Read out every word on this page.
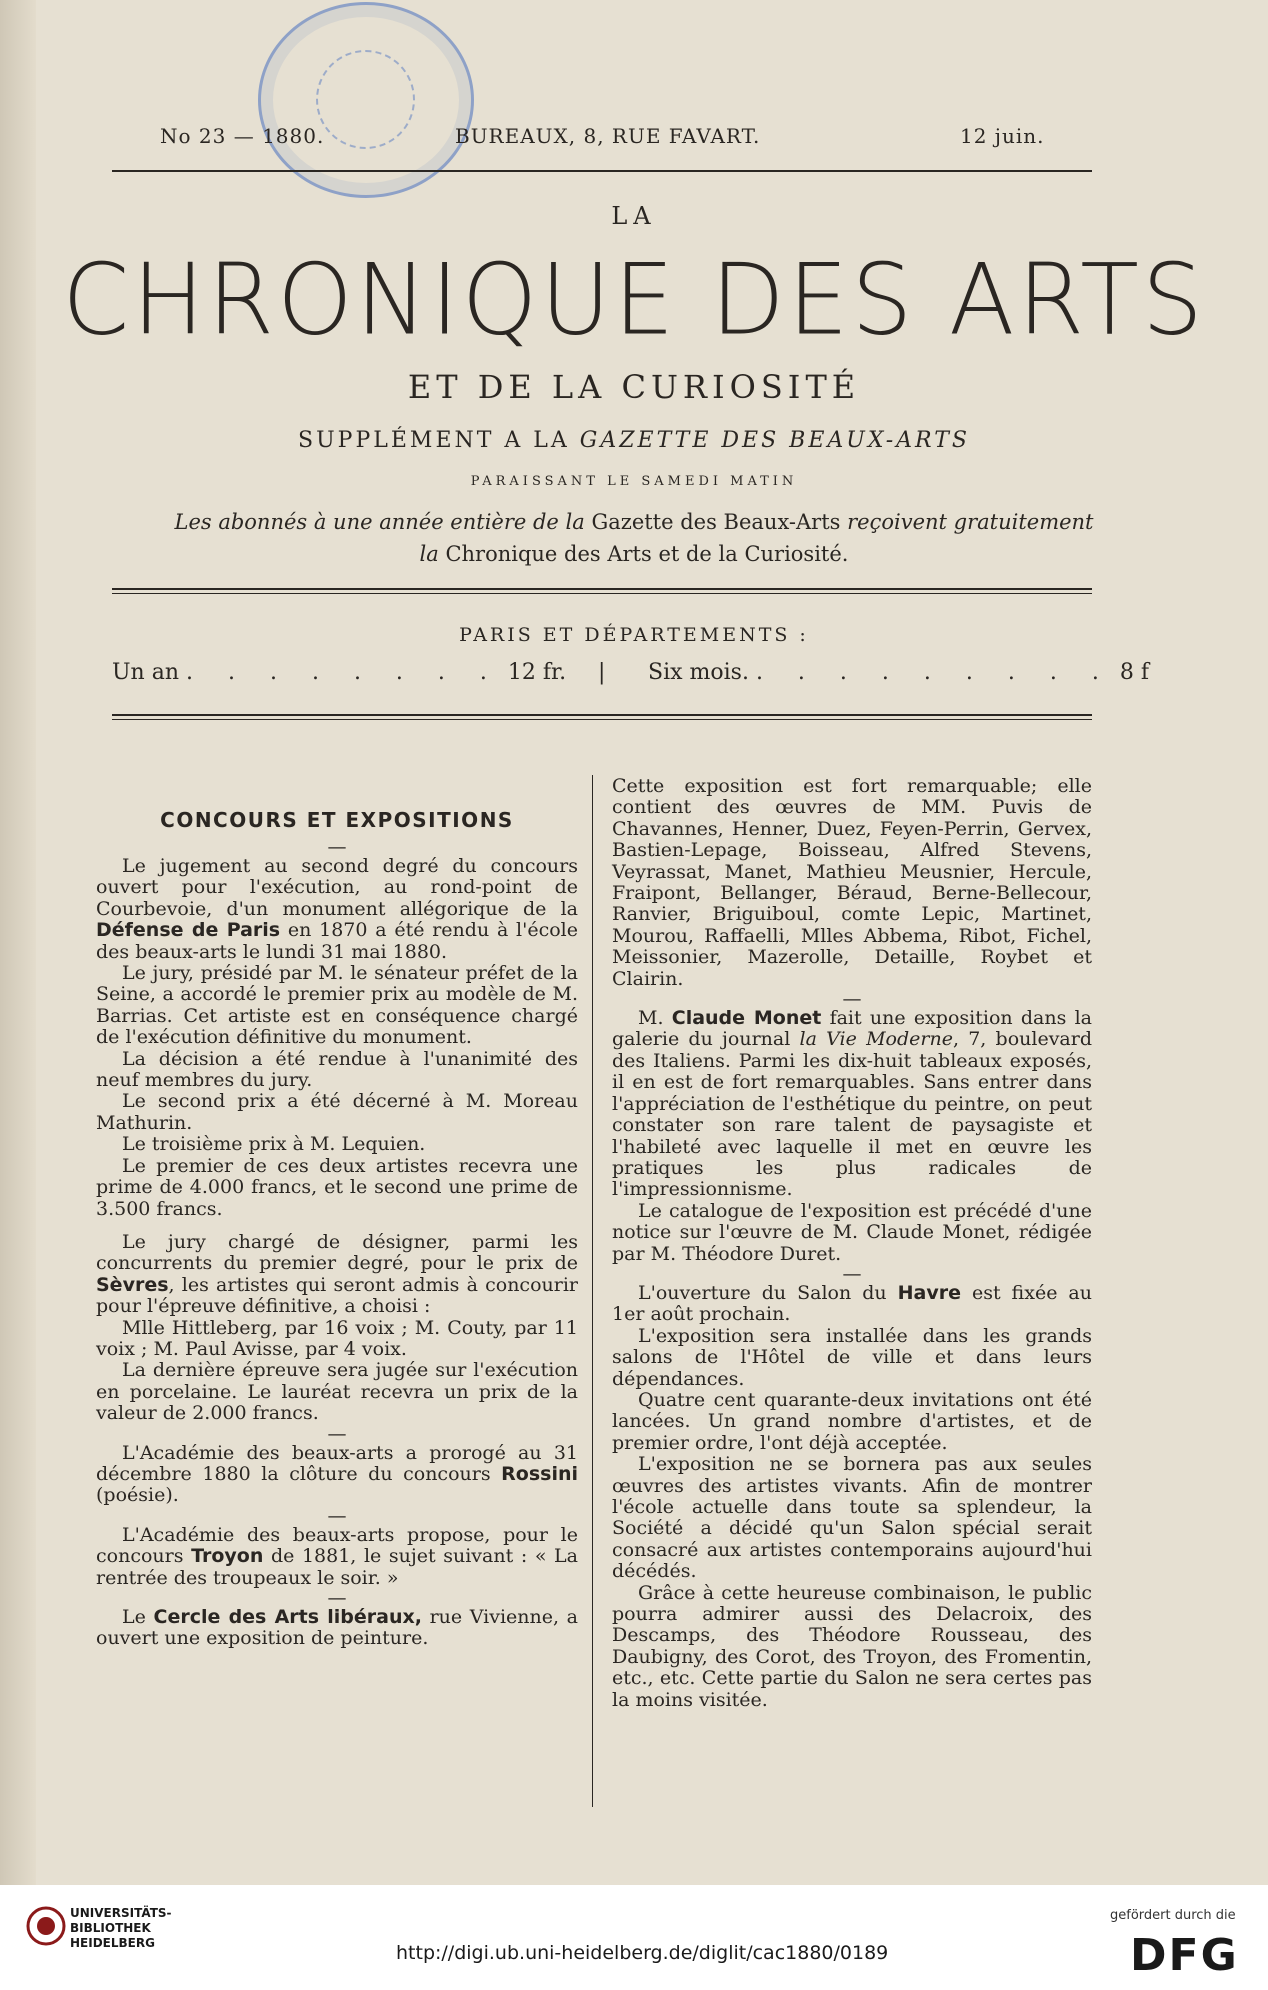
No 23 — 1880.	BUREAUX, 8, RUE FAVART.	12 juin.
LA
CHRONIQUE DES ARTS
ET DE LA CURIOSITÉ
SUPPLÉMENT A LA GAZETTE DES BEAUX-ARTS
PARAISSANT LE SAMEDI MATIN
Les abonnés à une année entière de la Gazette des Beaux-Arts reçoivent gratuitement
la Chronique des Arts et de la Curiosité.
PARIS ET DÉPARTEMENTS :
Un an . . . . . . . . 12 fr. | Six mois. . . . . . . . . . 8 f
CONCOURS ET EXPOSITIONS

—

Le jugement au second degré du concours ouvert pour l'exécution, au rond-point de Courbevoie, d'un monument allégorique de la Défense de Paris en 1870 a été rendu à l'école des beaux-arts le lundi 31 mai 1880.

Le jury, présidé par M. le sénateur préfet de la Seine, a accordé le premier prix au modèle de M. Barrias. Cet artiste est en conséquence chargé de l'exécution définitive du monument.

La décision a été rendue à l'unanimité des neuf membres du jury.

Le second prix a été décerné à M. Moreau Mathurin.

Le troisième prix à M. Lequien.

Le premier de ces deux artistes recevra une prime de 4.000 francs, et le second une prime de 3.500 francs.

Le jury chargé de désigner, parmi les concurrents du premier degré, pour le prix de Sèvres, les artistes qui seront admis à concourir pour l'épreuve définitive, a choisi :

Mlle Hittleberg, par 16 voix ; M. Couty, par 11 voix ; M. Paul Avisse, par 4 voix.

La dernière épreuve sera jugée sur l'exécution en porcelaine. Le lauréat recevra un prix de la valeur de 2.000 francs.

—

L'Académie des beaux-arts a prorogé au 31 décembre 1880 la clôture du concours Rossini (poésie).

—

L'Académie des beaux-arts propose, pour le concours Troyon de 1881, le sujet suivant : « La rentrée des troupeaux le soir. »

—

Le Cercle des Arts libéraux, rue Vivienne, a ouvert une exposition de peinture.

Cette exposition est fort remarquable; elle contient des œuvres de MM. Puvis de Chavannes, Henner, Duez, Feyen-Perrin, Gervex, Bastien-Lepage, Boisseau, Alfred Stevens, Veyrassat, Manet, Mathieu Meusnier, Hercule, Fraipont, Bellanger, Béraud, Berne-Bellecour, Ranvier, Briguiboul, comte Lepic, Martinet, Mourou, Raffaelli, Mlles Abbema, Ribot, Fichel, Meissonier, Mazerolle, Detaille, Roybet et Clairin.

—

M. Claude Monet fait une exposition dans la galerie du journal la Vie Moderne, 7, boulevard des Italiens. Parmi les dix-huit tableaux exposés, il en est de fort remarquables. Sans entrer dans l'appréciation de l'esthétique du peintre, on peut constater son rare talent de paysagiste et l'habileté avec laquelle il met en œuvre les pratiques les plus radicales de l'impressionnisme.

Le catalogue de l'exposition est précédé d'une notice sur l'œuvre de M. Claude Monet, rédigée par M. Théodore Duret.

—

L'ouverture du Salon du Havre est fixée au 1er août prochain.

L'exposition sera installée dans les grands salons de l'Hôtel de ville et dans leurs dépendances.

Quatre cent quarante-deux invitations ont été lancées. Un grand nombre d'artistes, et de premier ordre, l'ont déjà acceptée.

L'exposition ne se bornera pas aux seules œuvres des artistes vivants. Afin de montrer l'école actuelle dans toute sa splendeur, la Société a décidé qu'un Salon spécial serait consacré aux artistes contemporains aujourd'hui décédés.

Grâce à cette heureuse combinaison, le public pourra admirer aussi des Delacroix, des Descamps, des Théodore Rousseau, des Daubigny, des Corot, des Troyon, des Fromentin, etc., etc. Cette partie du Salon ne sera certes pas la moins visitée.

UNIVERSITÄTS-
BIBLIOTHEK
HEIDELBERG	http://digi.ub.uni-heidelberg.de/diglit/cac1880/0189
gefördert durch die
DFG
